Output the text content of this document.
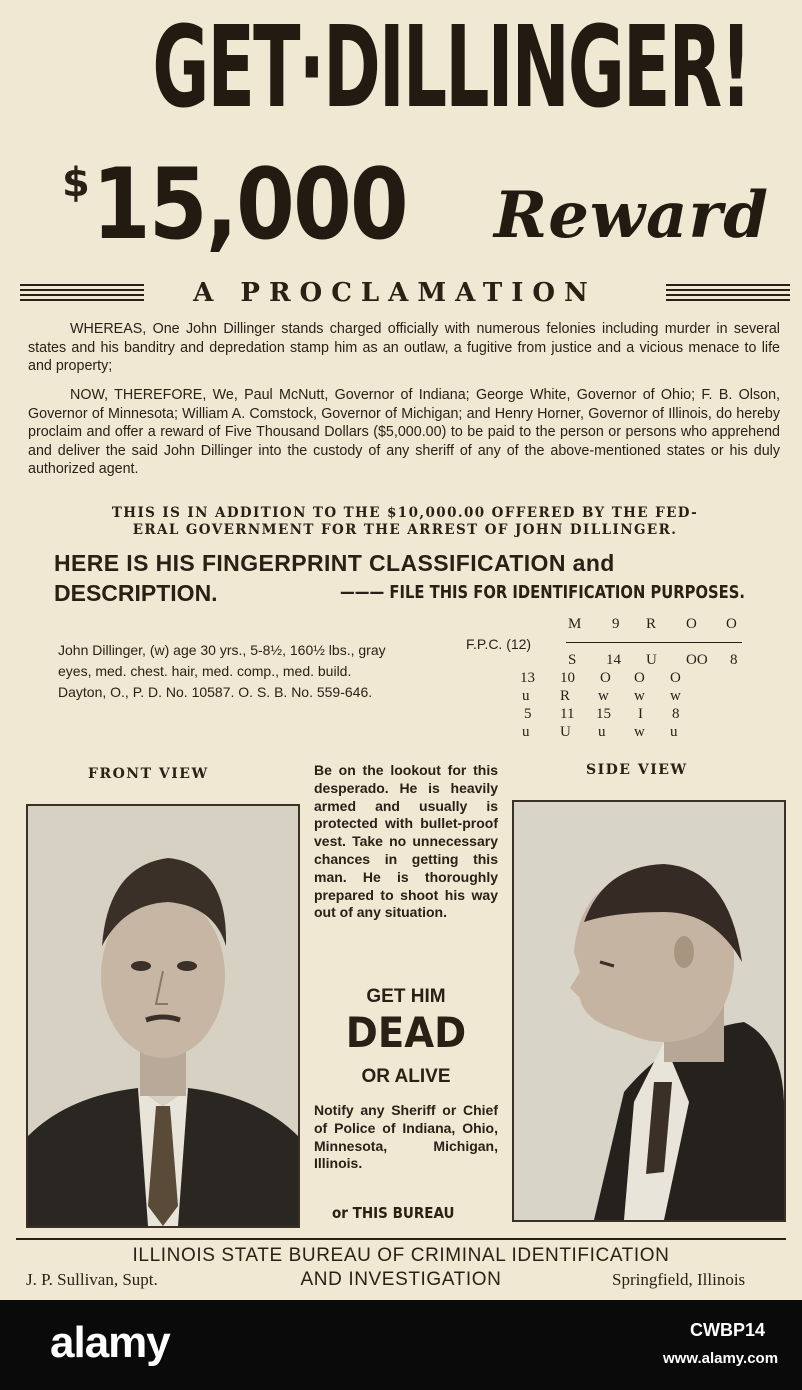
GET·DILLINGER!
$ 15,000 Reward
A PROCLAMATION

WHEREAS, One John Dillinger stands charged officially with numerous felonies including murder in several states and his banditry and depredation stamp him as an outlaw, a fugitive from justice and a vicious menace to life and property;

NOW, THEREFORE, We, Paul McNutt, Governor of Indiana; George White, Governor of Ohio; F. B. Olson, Governor of Minnesota; William A. Comstock, Governor of Michigan; and Henry Horner, Governor of Illinois, do hereby proclaim and offer a reward of Five Thousand Dollars ($5,000.00) to be paid to the person or persons who apprehend and deliver the said John Dillinger into the custody of any sheriff of any of the above-mentioned states or his duly authorized agent.

THIS IS IN ADDITION TO THE $10,000.00 OFFERED BY THE FED-
ERAL GOVERNMENT FOR THE ARREST OF JOHN DILLINGER.
HERE IS HIS FINGERPRINT CLASSIFICATION and
DESCRIPTION.	——— FILE THIS FOR IDENTIFICATION PURPOSES.
John Dillinger, (w) age 30 yrs., 5-8½, 160½ lbs., gray eyes, med. chest. hair, med. comp., med. build. Dayton, O., P. D. No. 10587. O. S. B. No. 559-646.
F.P.C. (12)
M 9 R O O
S 14 U OO 8
13 10 O O O
u R w w w
5 11 15 I 8
u U u w u
FRONT VIEW	SIDE VIEW
Be on the lookout for this desperado. He is heavily armed and usually is protected with bullet-proof vest. Take no unnecessary chances in getting this man. He is thoroughly prepared to shoot his way out of any situation.
GET HIM
DEAD
OR ALIVE
Notify any Sheriff or Chief of Police of Indiana, Ohio, Minnesota, Michigan, Illinois.
or THIS BUREAU
ILLINOIS STATE BUREAU OF CRIMINAL IDENTIFICATION
AND INVESTIGATION
J. P. Sullivan, Supt.	Springfield, Illinois
alamy	CWBP14
www.alamy.com
